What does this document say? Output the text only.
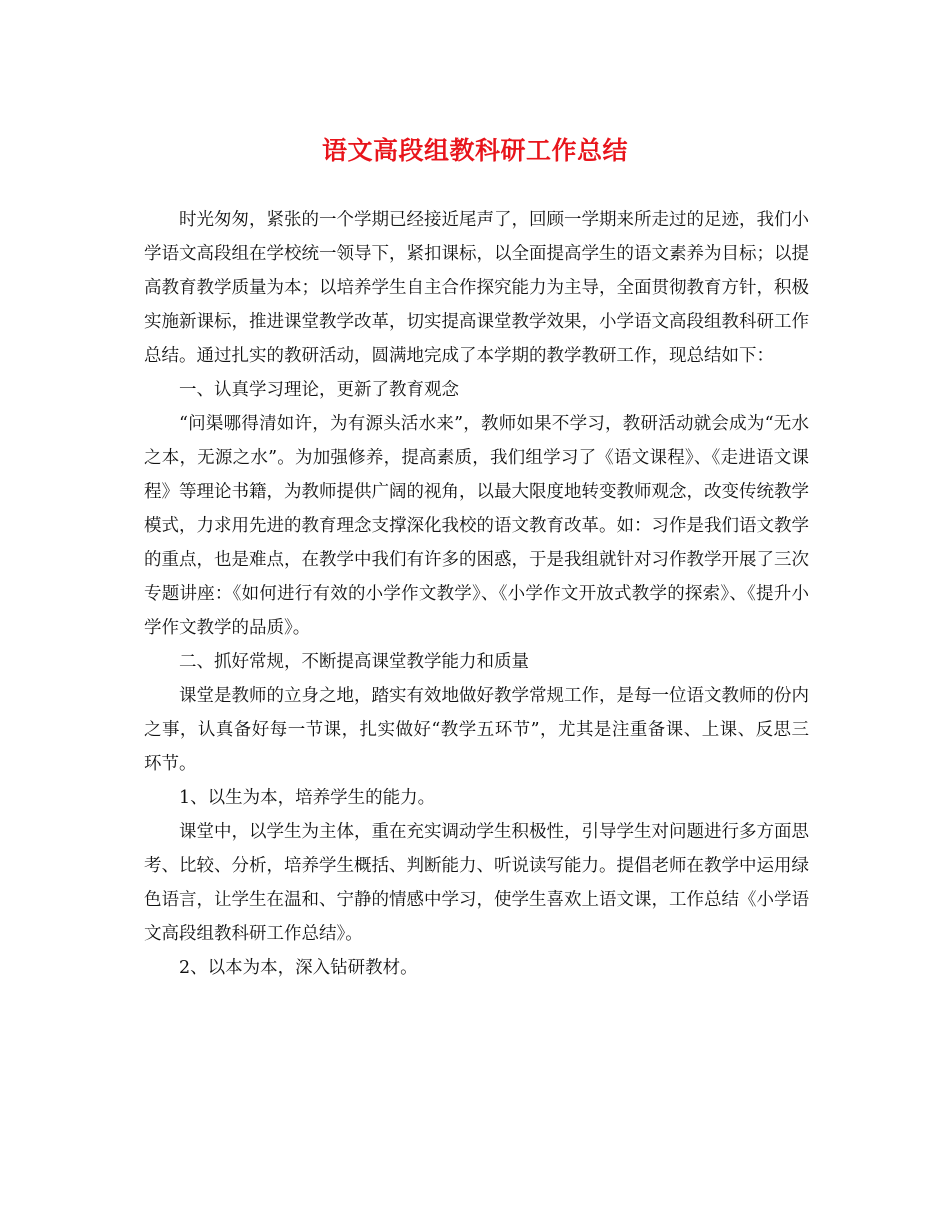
语文高段组教科研工作总结

时光匆匆，紧张的一个学期已经接近尾声了，回顾一学期来所走过的足迹，我们小学语文高段组在学校统一领导下，紧扣课标，以全面提高学生的语文素养为目标；以提高教育教学质量为本；以培养学生自主合作探究能力为主导，全面贯彻教育方针，积极实施新课标，推进课堂教学改革，切实提高课堂教学效果，小学语文高段组教科研工作总结。通过扎实的教研活动，圆满地完成了本学期的教学教研工作，现总结如下：

一、认真学习理论，更新了教育观念

“问渠哪得清如许，为有源头活水来”，教师如果不学习，教研活动就会成为“无水之本，无源之水”。为加强修养，提高素质，我们组学习了《语文课程》、《走进语文课程》等理论书籍，为教师提供广阔的视角，以最大限度地转变教师观念，改变传统教学模式，力求用先进的教育理念支撑深化我校的语文教育改革。如：习作是我们语文教学的重点，也是难点，在教学中我们有许多的困惑，于是我组就针对习作教学开展了三次专题讲座：《如何进行有效的小学作文教学》、《小学作文开放式教学的探索》、《提升小学作文教学的品质》。

二、抓好常规，不断提高课堂教学能力和质量

课堂是教师的立身之地，踏实有效地做好教学常规工作，是每一位语文教师的份内之事，认真备好每一节课，扎实做好“教学五环节”，尤其是注重备课、上课、反思三环节。

1、以生为本，培养学生的能力。

课堂中，以学生为主体，重在充实调动学生积极性，引导学生对问题进行多方面思考、比较、分析，培养学生概括、判断能力、听说读写能力。提倡老师在教学中运用绿色语言，让学生在温和、宁静的情感中学习，使学生喜欢上语文课，工作总结《小学语文高段组教科研工作总结》。

2、以本为本，深入钻研教材。
